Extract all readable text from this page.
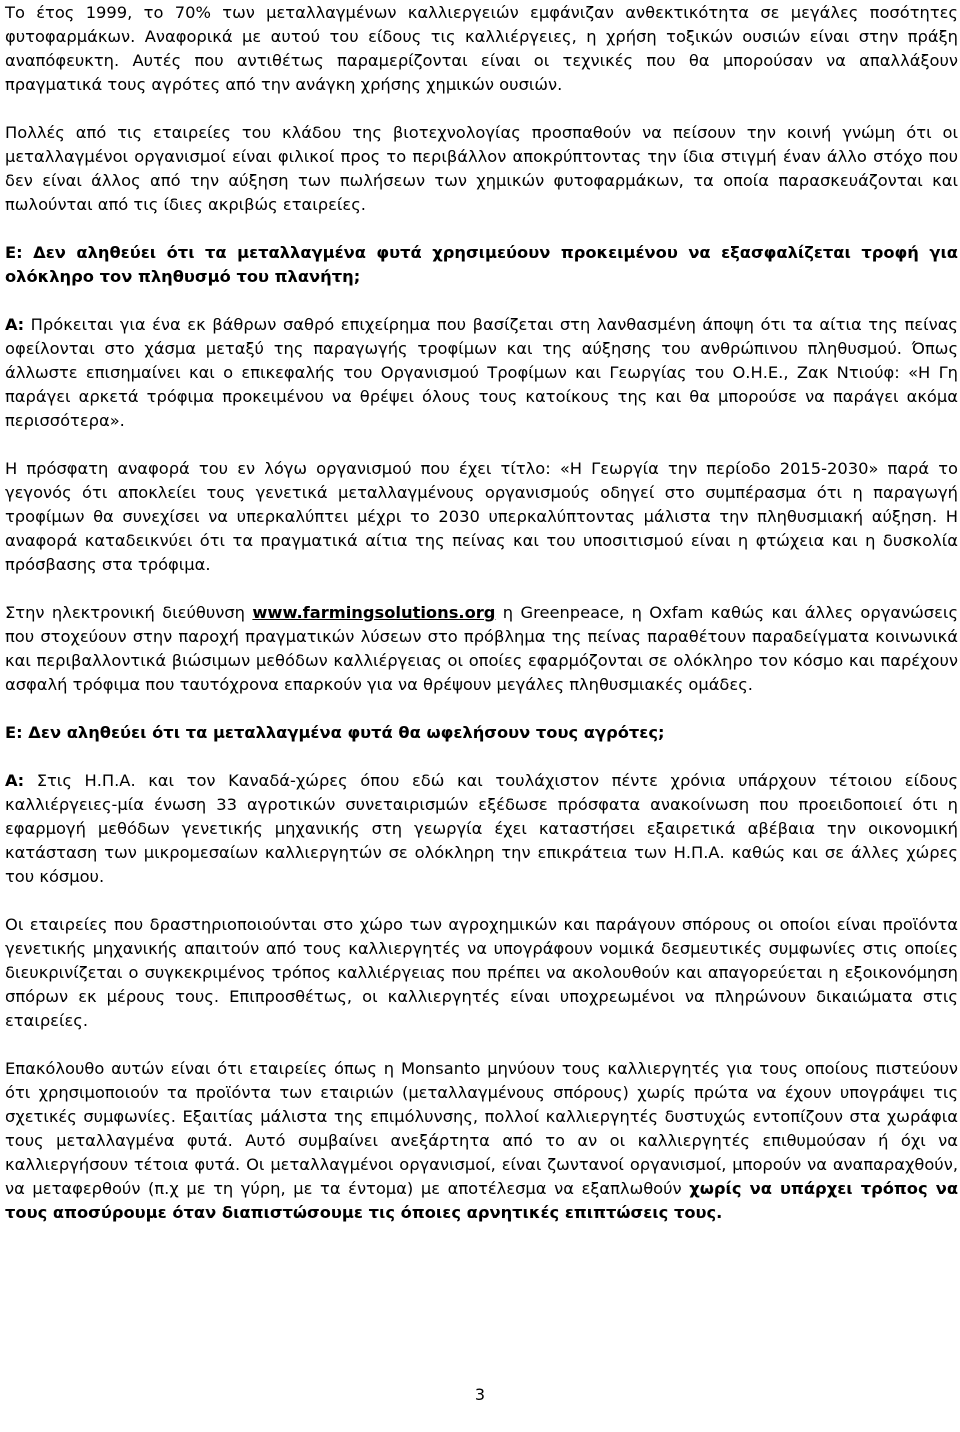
Το έτος 1999, το 70% των μεταλλαγμένων καλλιεργειών εμφάνιζαν ανθεκτικότητα σε μεγάλες ποσότητες φυτοφαρμάκων. Αναφορικά με αυτού του είδους τις καλλιέργειες, η χρήση τοξικών ουσιών είναι στην πράξη αναπόφευκτη. Αυτές που αντιθέτως παραμερίζονται είναι οι τεχνικές που θα μπορούσαν να απαλλάξουν πραγματικά τους αγρότες από την ανάγκη χρήσης χημικών ουσιών.

Πολλές από τις εταιρείες του κλάδου της βιοτεχνολογίας προσπαθούν να πείσουν την κοινή γνώμη ότι οι μεταλλαγμένοι οργανισμοί είναι φιλικοί προς το περιβάλλον αποκρύπτοντας την ίδια στιγμή έναν άλλο στόχο που δεν είναι άλλος από την αύξηση των πωλήσεων των χημικών φυτοφαρμάκων, τα οποία παρασκευάζονται και πωλούνται από τις ίδιες ακριβώς εταιρείες.

Ε: Δεν αληθεύει ότι τα μεταλλαγμένα φυτά χρησιμεύουν προκειμένου να εξασφαλίζεται τροφή για ολόκληρο τον πληθυσμό του πλανήτη;

Α: Πρόκειται για ένα εκ βάθρων σαθρό επιχείρημα που βασίζεται στη λανθασμένη άποψη ότι τα αίτια της πείνας οφείλονται στο χάσμα μεταξύ της παραγωγής τροφίμων και της αύξησης του ανθρώπινου πληθυσμού. Όπως άλλωστε επισημαίνει και ο επικεφαλής του Οργανισμού Τροφίμων και Γεωργίας του Ο.Η.Ε., Ζακ Ντιούφ: «Η Γη παράγει αρκετά τρόφιμα προκειμένου να θρέψει όλους τους κατοίκους της και θα μπορούσε να παράγει ακόμα περισσότερα».

Η πρόσφατη αναφορά του εν λόγω οργανισμού που έχει τίτλο: «Η Γεωργία την περίοδο 2015-2030» παρά το γεγονός ότι αποκλείει τους γενετικά μεταλλαγμένους οργανισμούς οδηγεί στο συμπέρασμα ότι η παραγωγή τροφίμων θα συνεχίσει να υπερκαλύπτει μέχρι το 2030 υπερκαλύπτοντας μάλιστα την πληθυσμιακή αύξηση. Η αναφορά καταδεικνύει ότι τα πραγματικά αίτια της πείνας και του υποσιτισμού είναι η φτώχεια και η δυσκολία πρόσβασης στα τρόφιμα.

Στην ηλεκτρονική διεύθυνση www.farmingsolutions.org η Greenpeace, η Oxfam καθώς και άλλες οργανώσεις που στοχεύουν στην παροχή πραγματικών λύσεων στο πρόβλημα της πείνας παραθέτουν παραδείγματα κοινωνικά και περιβαλλοντικά βιώσιμων μεθόδων καλλιέργειας οι οποίες εφαρμόζονται σε ολόκληρο τον κόσμο και παρέχουν ασφαλή τρόφιμα που ταυτόχρονα επαρκούν για να θρέψουν μεγάλες πληθυσμιακές ομάδες.

Ε: Δεν αληθεύει ότι τα μεταλλαγμένα φυτά θα ωφελήσουν τους αγρότες;

Α: Στις Η.Π.Α. και τον Καναδά-χώρες όπου εδώ και τουλάχιστον πέντε χρόνια υπάρχουν τέτοιου είδους καλλιέργειες-μία ένωση 33 αγροτικών συνεταιρισμών εξέδωσε πρόσφατα ανακοίνωση που προειδοποιεί ότι η εφαρμογή μεθόδων γενετικής μηχανικής στη γεωργία έχει καταστήσει εξαιρετικά αβέβαια την οικονομική κατάσταση των μικρομεσαίων καλλιεργητών σε ολόκληρη την επικράτεια των Η.Π.Α. καθώς και σε άλλες χώρες του κόσμου.

Οι εταιρείες που δραστηριοποιούνται στο χώρο των αγροχημικών και παράγουν σπόρους οι οποίοι είναι προϊόντα γενετικής μηχανικής απαιτούν από τους καλλιεργητές να υπογράφουν νομικά δεσμευτικές συμφωνίες στις οποίες διευκρινίζεται ο συγκεκριμένος τρόπος καλλιέργειας που πρέπει να ακολουθούν και απαγορεύεται η εξοικονόμηση σπόρων εκ μέρους τους. Επιπροσθέτως, οι καλλιεργητές είναι υποχρεωμένοι να πληρώνουν δικαιώματα στις εταιρείες.

Επακόλουθο αυτών είναι ότι εταιρείες όπως η Monsanto μηνύουν τους καλλιεργητές για τους οποίους πιστεύουν ότι χρησιμοποιούν τα προϊόντα των εταιριών (μεταλλαγμένους σπόρους) χωρίς πρώτα να έχουν υπογράψει τις σχετικές συμφωνίες. Εξαιτίας μάλιστα της επιμόλυνσης, πολλοί καλλιεργητές δυστυχώς εντοπίζουν στα χωράφια τους μεταλλαγμένα φυτά. Αυτό συμβαίνει ανεξάρτητα από το αν οι καλλιεργητές επιθυμούσαν ή όχι να καλλιεργήσουν τέτοια φυτά. Οι μεταλλαγμένοι οργανισμοί, είναι ζωντανοί οργανισμοί, μπορούν να αναπαραχθούν, να μεταφερθούν (π.χ με τη γύρη, με τα έντομα) με αποτέλεσμα να εξαπλωθούν χωρίς να υπάρχει τρόπος να τους αποσύρουμε όταν διαπιστώσουμε τις όποιες αρνητικές επιπτώσεις τους.

3
